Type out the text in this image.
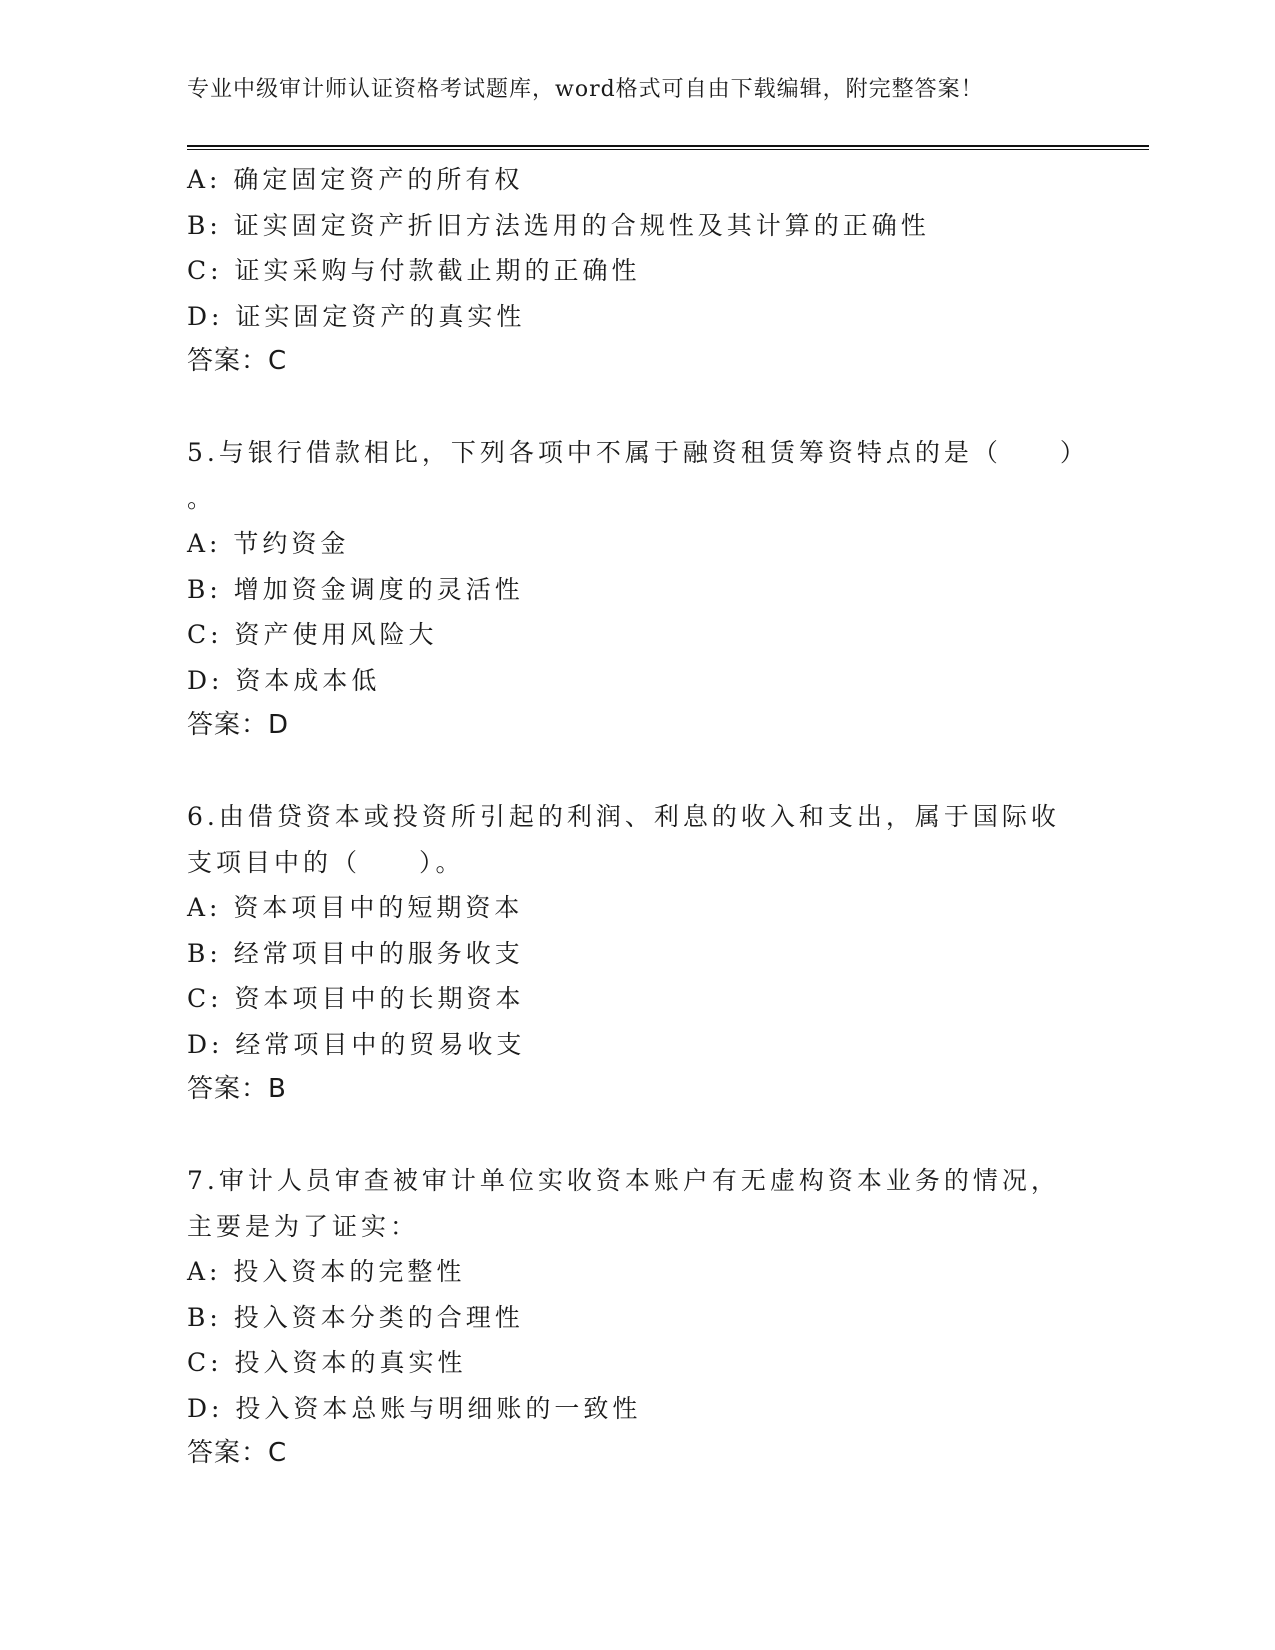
专业中级审计师认证资格考试题库，word格式可自由下载编辑，附完整答案！
A: 确定固定资产的所有权
B: 证实固定资产折旧方法选用的合规性及其计算的正确性
C: 证实采购与付款截止期的正确性
D: 证实固定资产的真实性
答案：C
5.与银行借款相比，下列各项中不属于融资租赁筹资特点的是（　　）
。
A: 节约资金
B: 增加资金调度的灵活性
C: 资产使用风险大
D: 资本成本低
答案：D
6.由借贷资本或投资所引起的利润、利息的收入和支出，属于国际收
支项目中的（　　）。
A: 资本项目中的短期资本
B: 经常项目中的服务收支
C: 资本项目中的长期资本
D: 经常项目中的贸易收支
答案：B
7.审计人员审查被审计单位实收资本账户有无虚构资本业务的情况，
主要是为了证实：
A: 投入资本的完整性
B: 投入资本分类的合理性
C: 投入资本的真实性
D: 投入资本总账与明细账的一致性
答案：C
